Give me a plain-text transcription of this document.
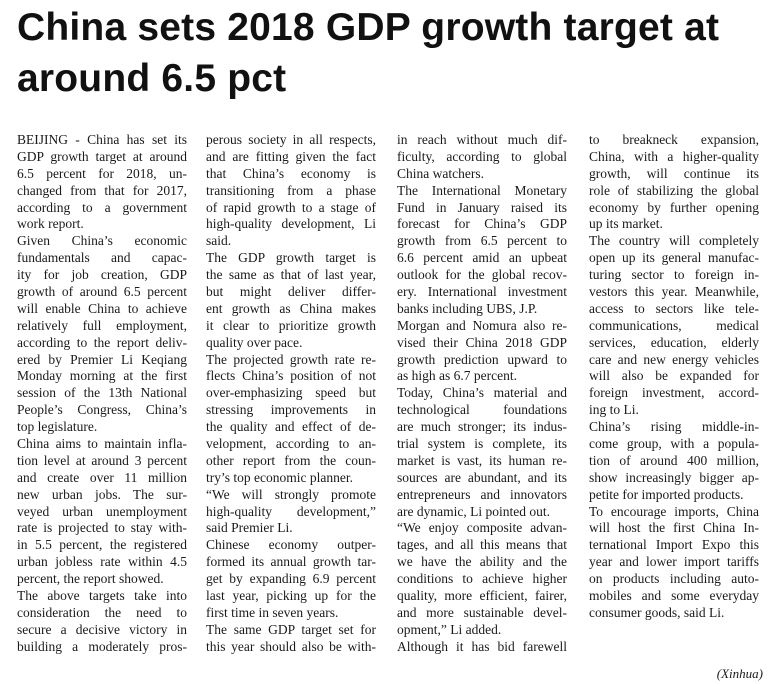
China sets 2018 GDP growth target at around 6.5 pct
BEIJING - China has set its
GDP growth target at around
6.5 percent for 2018, un-
changed from that for 2017,
according to a government
work report.
Given China’s economic
fundamentals and capac-
ity for job creation, GDP
growth of around 6.5 percent
will enable China to achieve
relatively full employment,
according to the report deliv-
ered by Premier Li Keqiang
Monday morning at the first
session of the 13th National
People’s Congress, China’s
top legislature.
China aims to maintain infla-
tion level at around 3 percent
and create over 11 million
new urban jobs. The sur-
veyed urban unemployment
rate is projected to stay with-
in 5.5 percent, the registered
urban jobless rate within 4.5
percent, the report showed.
The above targets take into
consideration the need to
secure a decisive victory in
building a moderately pros-
perous society in all respects,
and are fitting given the fact
that China’s economy is
transitioning from a phase
of rapid growth to a stage of
high-quality development, Li
said.
The GDP growth target is
the same as that of last year,
but might deliver differ-
ent growth as China makes
it clear to prioritize growth
quality over pace.
The projected growth rate re-
flects China’s position of not
over-emphasizing speed but
stressing improvements in
the quality and effect of de-
velopment, according to an-
other report from the coun-
try’s top economic planner.
“We will strongly promote
high-quality development,”
said Premier Li.
Chinese economy outper-
formed its annual growth tar-
get by expanding 6.9 percent
last year, picking up for the
first time in seven years.
The same GDP target set for
this year should also be with-
in reach without much dif-
ficulty, according to global
China watchers.
The International Monetary
Fund in January raised its
forecast for China’s GDP
growth from 6.5 percent to
6.6 percent amid an upbeat
outlook for the global recov-
ery. International investment
banks including UBS, J.P.
Morgan and Nomura also re-
vised their China 2018 GDP
growth prediction upward to
as high as 6.7 percent.
Today, China’s material and
technological foundations
are much stronger; its indus-
trial system is complete, its
market is vast, its human re-
sources are abundant, and its
entrepreneurs and innovators
are dynamic, Li pointed out.
“We enjoy composite advan-
tages, and all this means that
we have the ability and the
conditions to achieve higher
quality, more efficient, fairer,
and more sustainable devel-
opment,” Li added.
Although it has bid farewell
to breakneck expansion,
China, with a higher-quality
growth, will continue its
role of stabilizing the global
economy by further opening
up its market.
The country will completely
open up its general manufac-
turing sector to foreign in-
vestors this year. Meanwhile,
access to sectors like tele-
communications, medical
services, education, elderly
care and new energy vehicles
will also be expanded for
foreign investment, accord-
ing to Li.
China’s rising middle-in-
come group, with a popula-
tion of around 400 million,
show increasingly bigger ap-
petite for imported products.
To encourage imports, China
will host the first China In-
ternational Import Expo this
year and lower import tariffs
on products including auto-
mobiles and some everyday
consumer goods, said Li.
(Xinhua)
